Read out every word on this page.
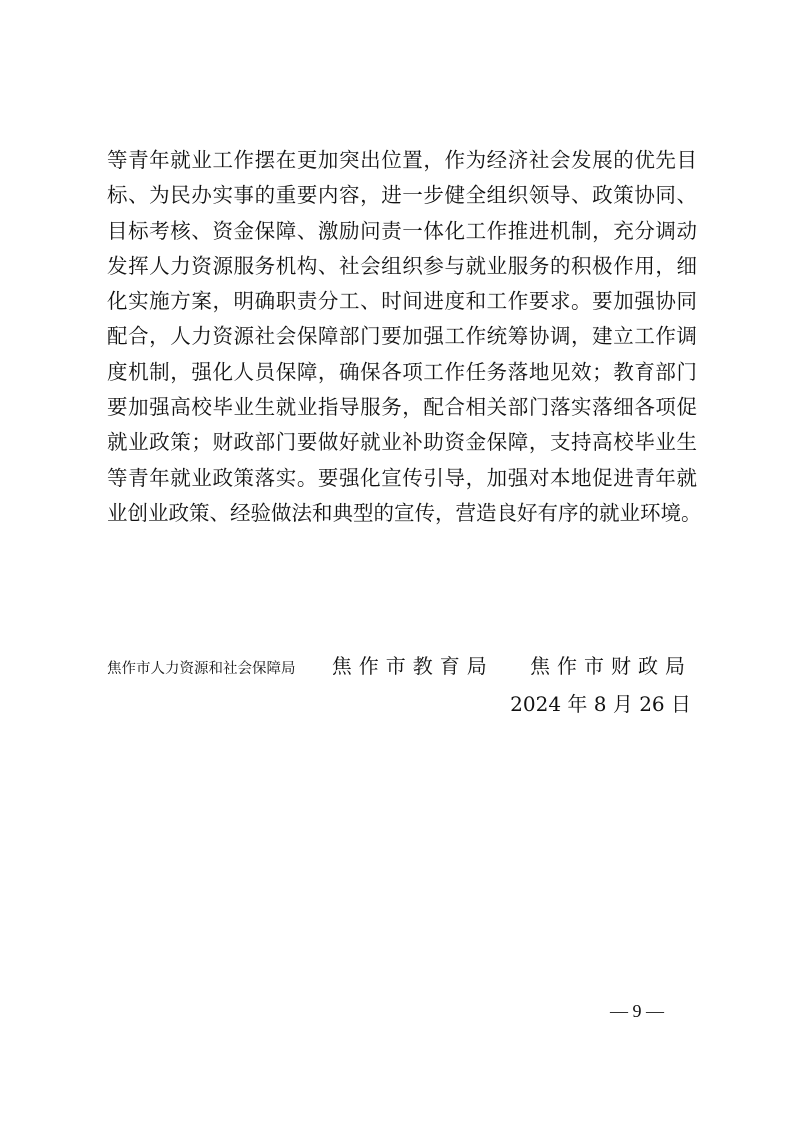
等青年就业工作摆在更加突出位置，作为经济社会发展的优先目
标、为民办实事的重要内容，进一步健全组织领导、政策协同、
目标考核、资金保障、激励问责一体化工作推进机制，充分调动
发挥人力资源服务机构、社会组织参与就业服务的积极作用，细
化实施方案，明确职责分工、时间进度和工作要求。要加强协同
配合，人力资源社会保障部门要加强工作统筹协调，建立工作调
度机制，强化人员保障，确保各项工作任务落地见效；教育部门
要加强高校毕业生就业指导服务，配合相关部门落实落细各项促
就业政策；财政部门要做好就业补助资金保障，支持高校毕业生
等青年就业政策落实。要强化宣传引导，加强对本地促进青年就
业创业政策、经验做法和典型的宣传，营造良好有序的就业环境。
焦作市人力资源和社会保障局 焦作市教育局 焦作市财政局
2024 年 8 月 26 日
— 9 —
